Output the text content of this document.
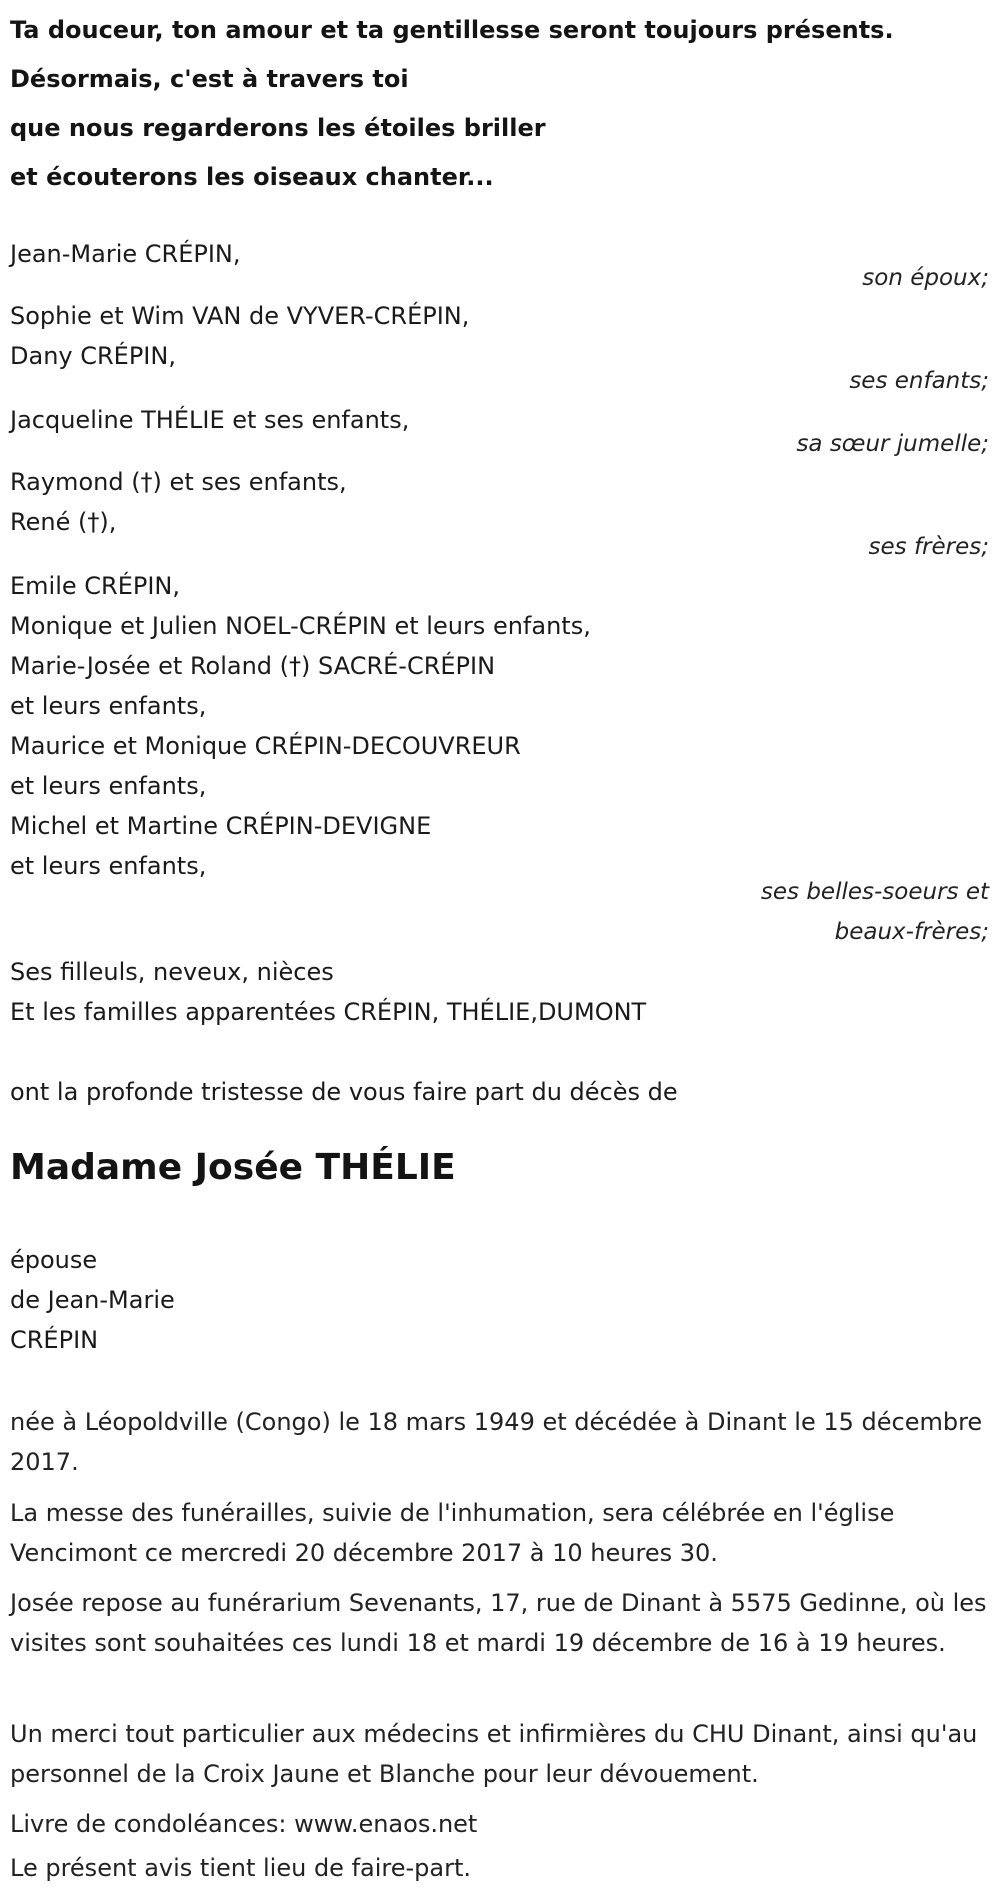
Ta douceur, ton amour et ta gentillesse seront toujours présents.
Désormais, c'est à travers toi
que nous regarderons les étoiles briller
et écouterons les oiseaux chanter...
Jean-Marie CRÉPIN,
son époux;
Sophie et Wim VAN de VYVER-CRÉPIN,
Dany CRÉPIN,
ses enfants;
Jacqueline THÉLIE et ses enfants,
sa sœur jumelle;
Raymond (†) et ses enfants,
René (†),
ses frères;
Emile CRÉPIN,
Monique et Julien NOEL-CRÉPIN et leurs enfants,
Marie-Josée et Roland (†) SACRÉ-CRÉPIN
et leurs enfants,
Maurice et Monique CRÉPIN-DECOUVREUR
et leurs enfants,
Michel et Martine CRÉPIN-DEVIGNE
et leurs enfants,
ses belles-soeurs et
beaux-frères;
Ses filleuls, neveux, nièces
Et les familles apparentées CRÉPIN, THÉLIE,DUMONT
ont la profonde tristesse de vous faire part du décès de
Madame Josée THÉLIE
épouse
de Jean-Marie
CRÉPIN
née à Léopoldville (Congo) le 18 mars 1949 et décédée à Dinant le 15 décembre 2017.
La messe des funérailles, suivie de l'inhumation, sera célébrée en l'église Vencimont ce mercredi 20 décembre 2017 à 10 heures 30.
Josée repose au funérarium Sevenants, 17, rue de Dinant à 5575 Gedinne, où les visites sont souhaitées ces lundi 18 et mardi 19 décembre de 16 à 19 heures.
Un merci tout particulier aux médecins et infirmières du CHU Dinant, ainsi qu'au personnel de la Croix Jaune et Blanche pour leur dévouement.
Livre de condoléances: www.enaos.net
Le présent avis tient lieu de faire-part.
